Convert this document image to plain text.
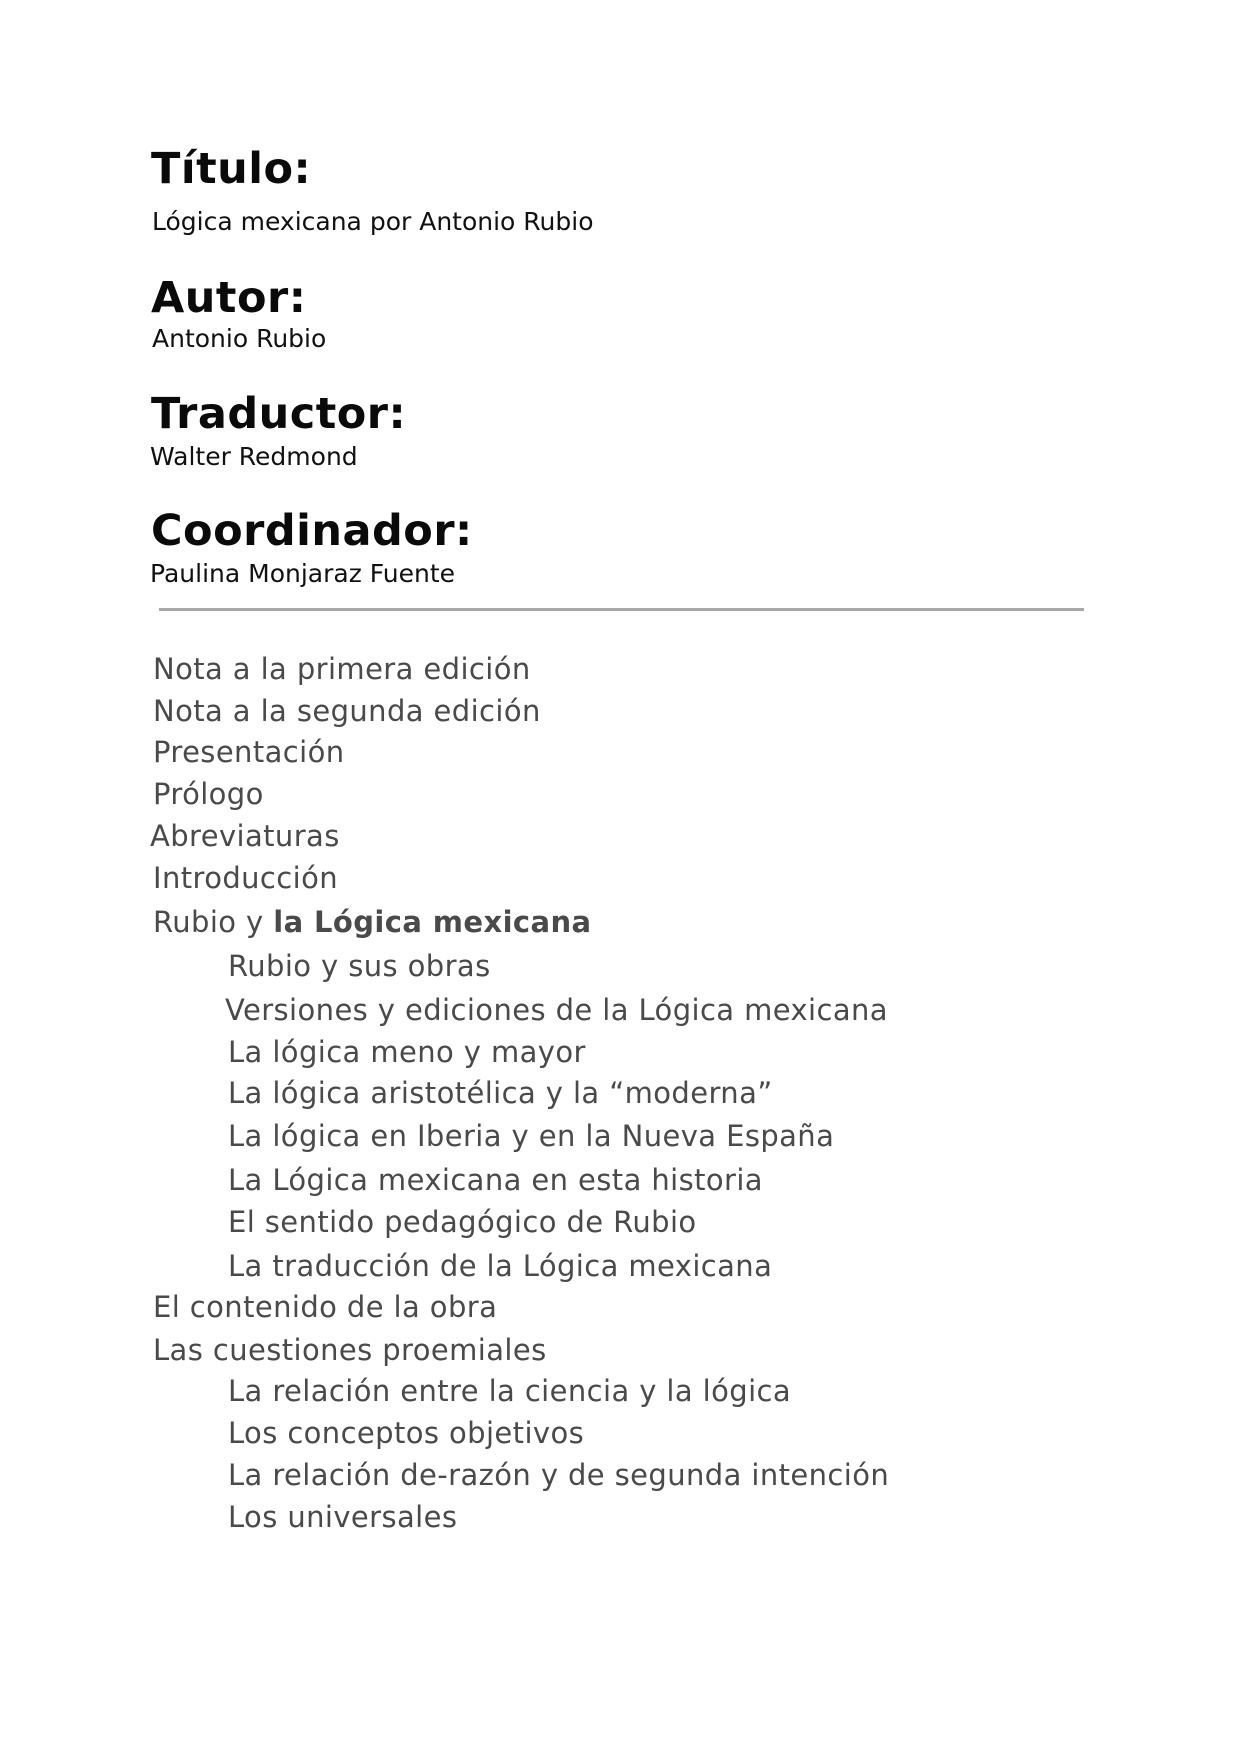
Título:

Lógica mexicana por Antonio Rubio

Autor:

Antonio Rubio

Traductor:

Walter Redmond

Coordinador:

Paulina Monjaraz Fuente

Nota a la primera edición

Nota a la segunda edición

Presentación

Prólogo

Abreviaturas

Introducción

Rubio y la Lógica mexicana

Rubio y sus obras

Versiones y ediciones de la Lógica mexicana

La lógica meno y mayor

La lógica aristotélica y la “moderna”

La lógica en Iberia y en la Nueva España

La Lógica mexicana en esta historia

El sentido pedagógico de Rubio

La traducción de la Lógica mexicana

El contenido de la obra

Las cuestiones proemiales

La relación entre la ciencia y la lógica

Los conceptos objetivos

La relación de-razón y de segunda intención

Los universales
